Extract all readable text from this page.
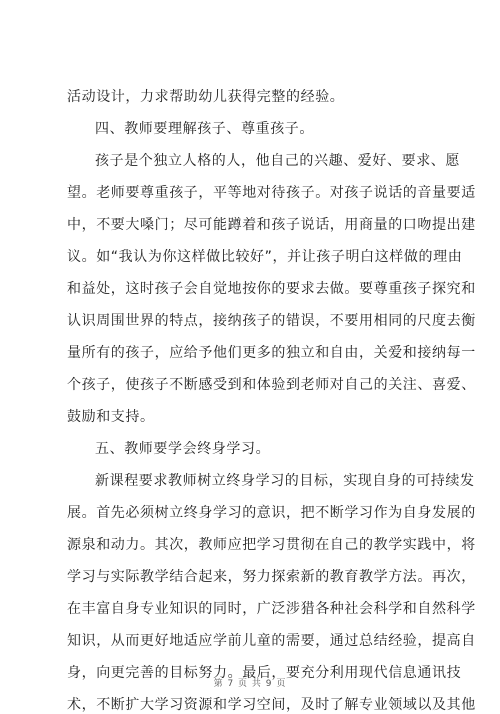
活动设计，力求帮助幼儿获得完整的经验。
四、教师要理解孩子、尊重孩子。
孩子是个独立人格的人，他自己的兴趣、爱好、要求、愿
望。老师要尊重孩子，平等地对待孩子。对孩子说话的音量要适
中，不要大嗓门；尽可能蹲着和孩子说话，用商量的口吻提出建
议。如“我认为你这样做比较好”，并让孩子明白这样做的理由
和益处，这时孩子会自觉地按你的要求去做。要尊重孩子探究和
认识周围世界的特点，接纳孩子的错误，不要用相同的尺度去衡
量所有的孩子，应给予他们更多的独立和自由，关爱和接纳每一
个孩子，使孩子不断感受到和体验到老师对自己的关注、喜爱、
鼓励和支持。
五、教师要学会终身学习。
新课程要求教师树立终身学习的目标，实现自身的可持续发
展。首先必须树立终身学习的意识，把不断学习作为自身发展的
源泉和动力。其次，教师应把学习贯彻在自己的教学实践中，将
学习与实际教学结合起来，努力探索新的教育教学方法。再次，
在丰富自身专业知识的同时，广泛涉猎各种社会科学和自然科学
知识，从而更好地适应学前儿童的需要，通过总结经验，提高自
身，向更完善的目标努力。最后，要充分利用现代信息通讯技
术，不断扩大学习资源和学习空间，及时了解专业领域以及其他
第 7 页 共 9 页
